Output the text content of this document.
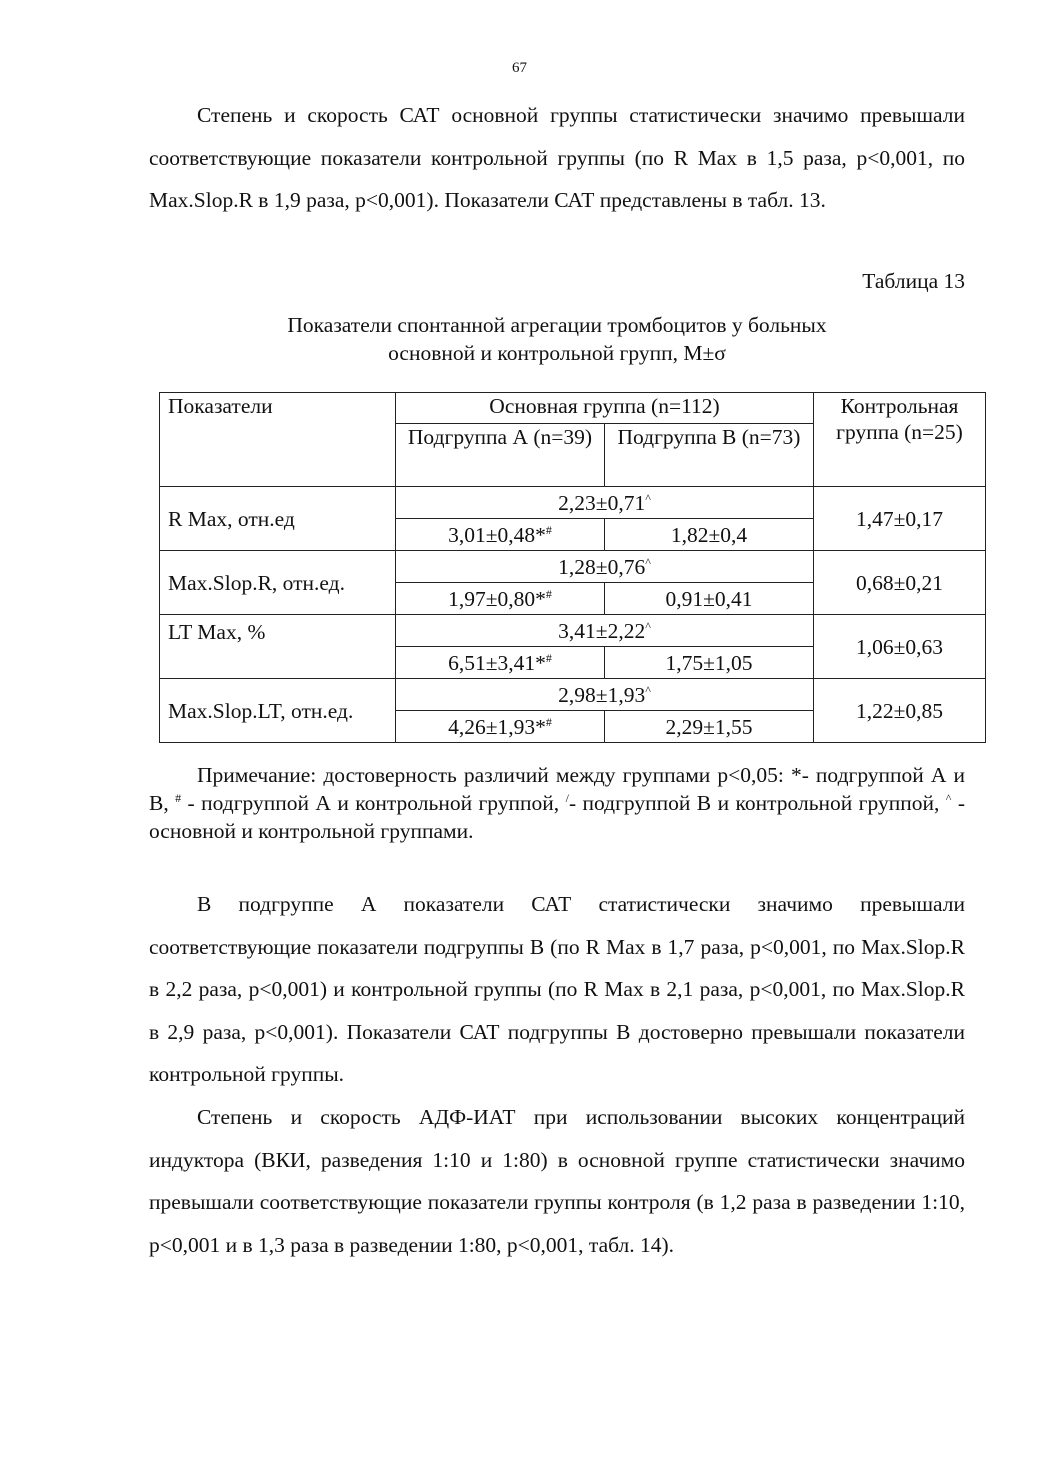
67

Степень и скорость САТ основной группы статистически значимо превышали соответствующие показатели контрольной группы (по R Max в 1,5 раза, p<0,001, по Max.Slop.R в 1,9 раза, p<0,001). Показатели САТ представлены в табл. 13.

Таблица 13
Показатели спонтанной агрегации тромбоцитов у больных
основной и контрольной групп, M±σ
Показатели	Основная группа (n=112)		Контрольная группа (n=25)
	Подгруппа А (n=39)	Подгруппа В (n=73)	
R Max, отн.ед	2,23±0,71^		1,47±0,17
	3,01±0,48*#	1,82±0,4	
Max.Slop.R, отн.ед.	1,28±0,76^		0,68±0,21
	1,97±0,80*#	0,91±0,41	
LT Max, %	3,41±2,22^		1,06±0,63
	6,51±3,41*#	1,75±1,05	
Max.Slop.LT, отн.ед.	2,98±1,93^		1,22±0,85
	4,26±1,93*#	2,29±1,55	

Примечание: достоверность различий между группами p<0,05: *- подгруппой А и В, # - подгруппой А и контрольной группой, /- подгруппой В и контрольной группой, ^ - основной и контрольной группами.

В подгруппе А показатели САТ статистически значимо превышали соответствующие показатели подгруппы В (по R Max в 1,7 раза, p<0,001, по Max.Slop.R в 2,2 раза, p<0,001) и контрольной группы (по R Max в 2,1 раза, p<0,001, по Max.Slop.R в 2,9 раза, p<0,001). Показатели САТ подгруппы В достоверно превышали показатели контрольной группы.

Степень и скорость АДФ-ИАТ при использовании высоких концентраций индуктора (ВКИ, разведения 1:10 и 1:80) в основной группе статистически значимо превышали соответствующие показатели группы контроля (в 1,2 раза в разведении 1:10, p<0,001 и в 1,3 раза в разведении 1:80, p<0,001, табл. 14).
